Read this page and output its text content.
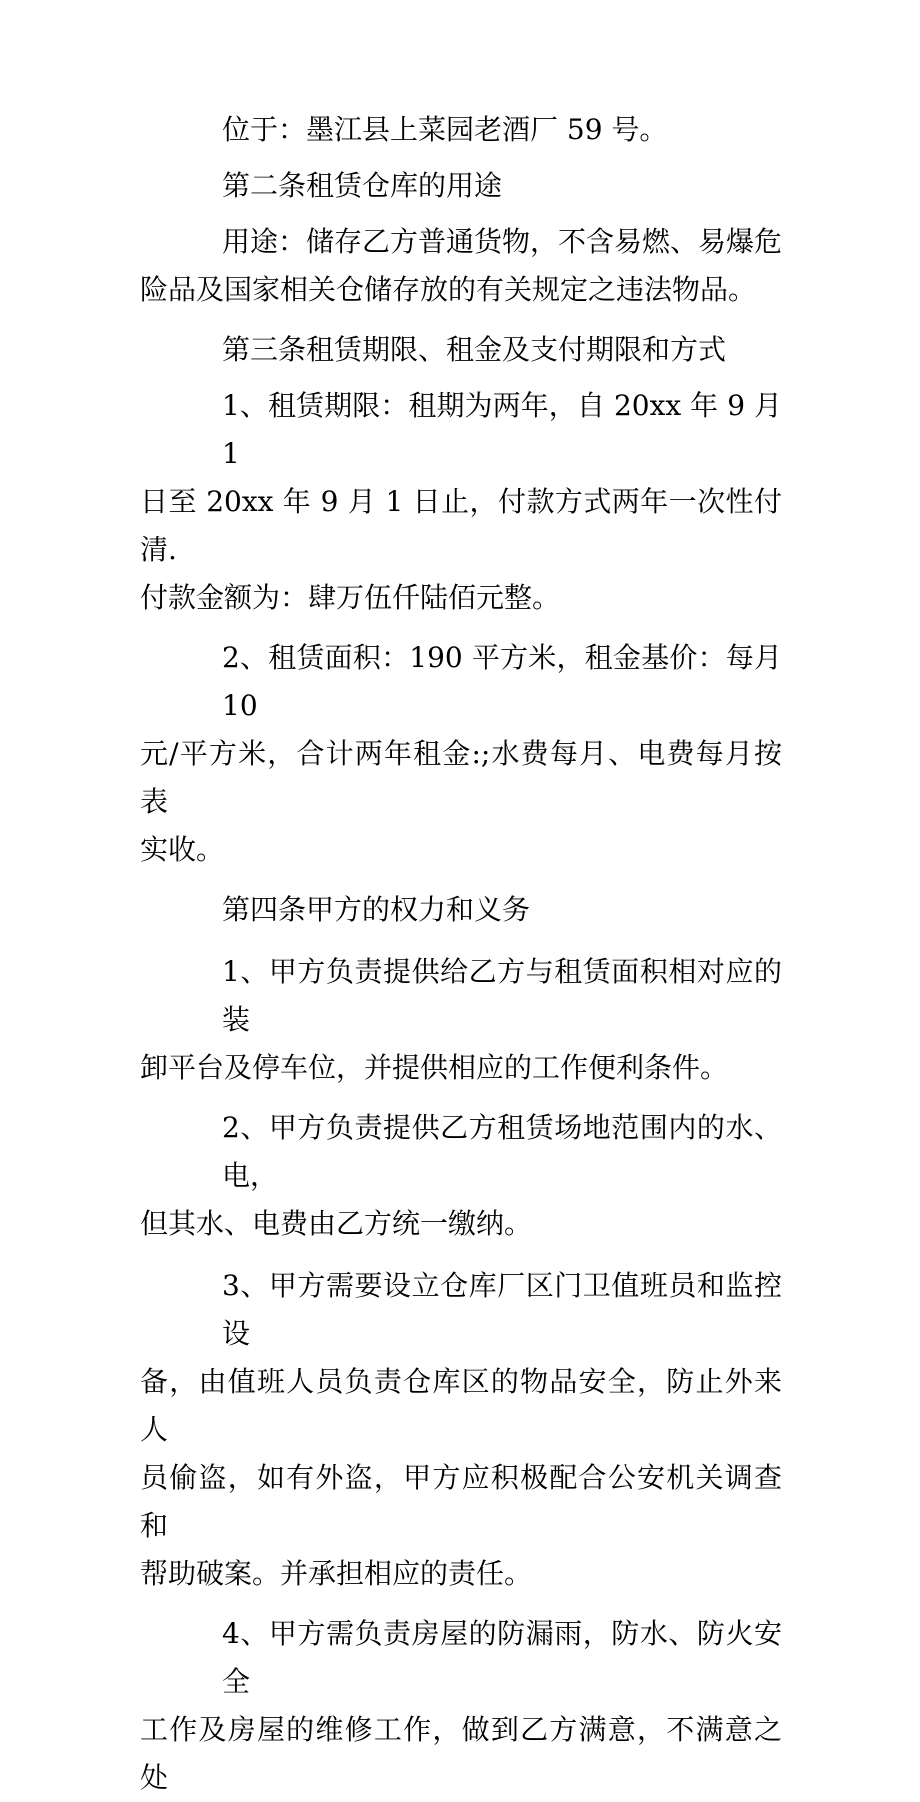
位于：墨江县上菜园老酒厂 59 号。
第二条租赁仓库的用途
用途：储存乙方普通货物，不含易燃、易爆危
险品及国家相关仓储存放的有关规定之违法物品。
第三条租赁期限、租金及支付期限和方式
1、租赁期限：租期为两年，自 20xx 年 9 月 1
日至 20xx 年 9 月 1 日止，付款方式两年一次性付清.
付款金额为：肆万伍仟陆佰元整。
2、租赁面积：190 平方米，租金基价：每月 10
元/平方米，合计两年租金:;水费每月、电费每月按表
实收。
第四条甲方的权力和义务
1、甲方负责提供给乙方与租赁面积相对应的装
卸平台及停车位，并提供相应的工作便利条件。
2、甲方负责提供乙方租赁场地范围内的水、电，
但其水、电费由乙方统一缴纳。
3、甲方需要设立仓库厂区门卫值班员和监控设
备，由值班人员负责仓库区的物品安全，防止外来人
员偷盗，如有外盗，甲方应积极配合公安机关调查和
帮助破案。并承担相应的责任。
4、甲方需负责房屋的防漏雨，防水、防火安全
工作及房屋的维修工作，做到乙方满意，不满意之处
